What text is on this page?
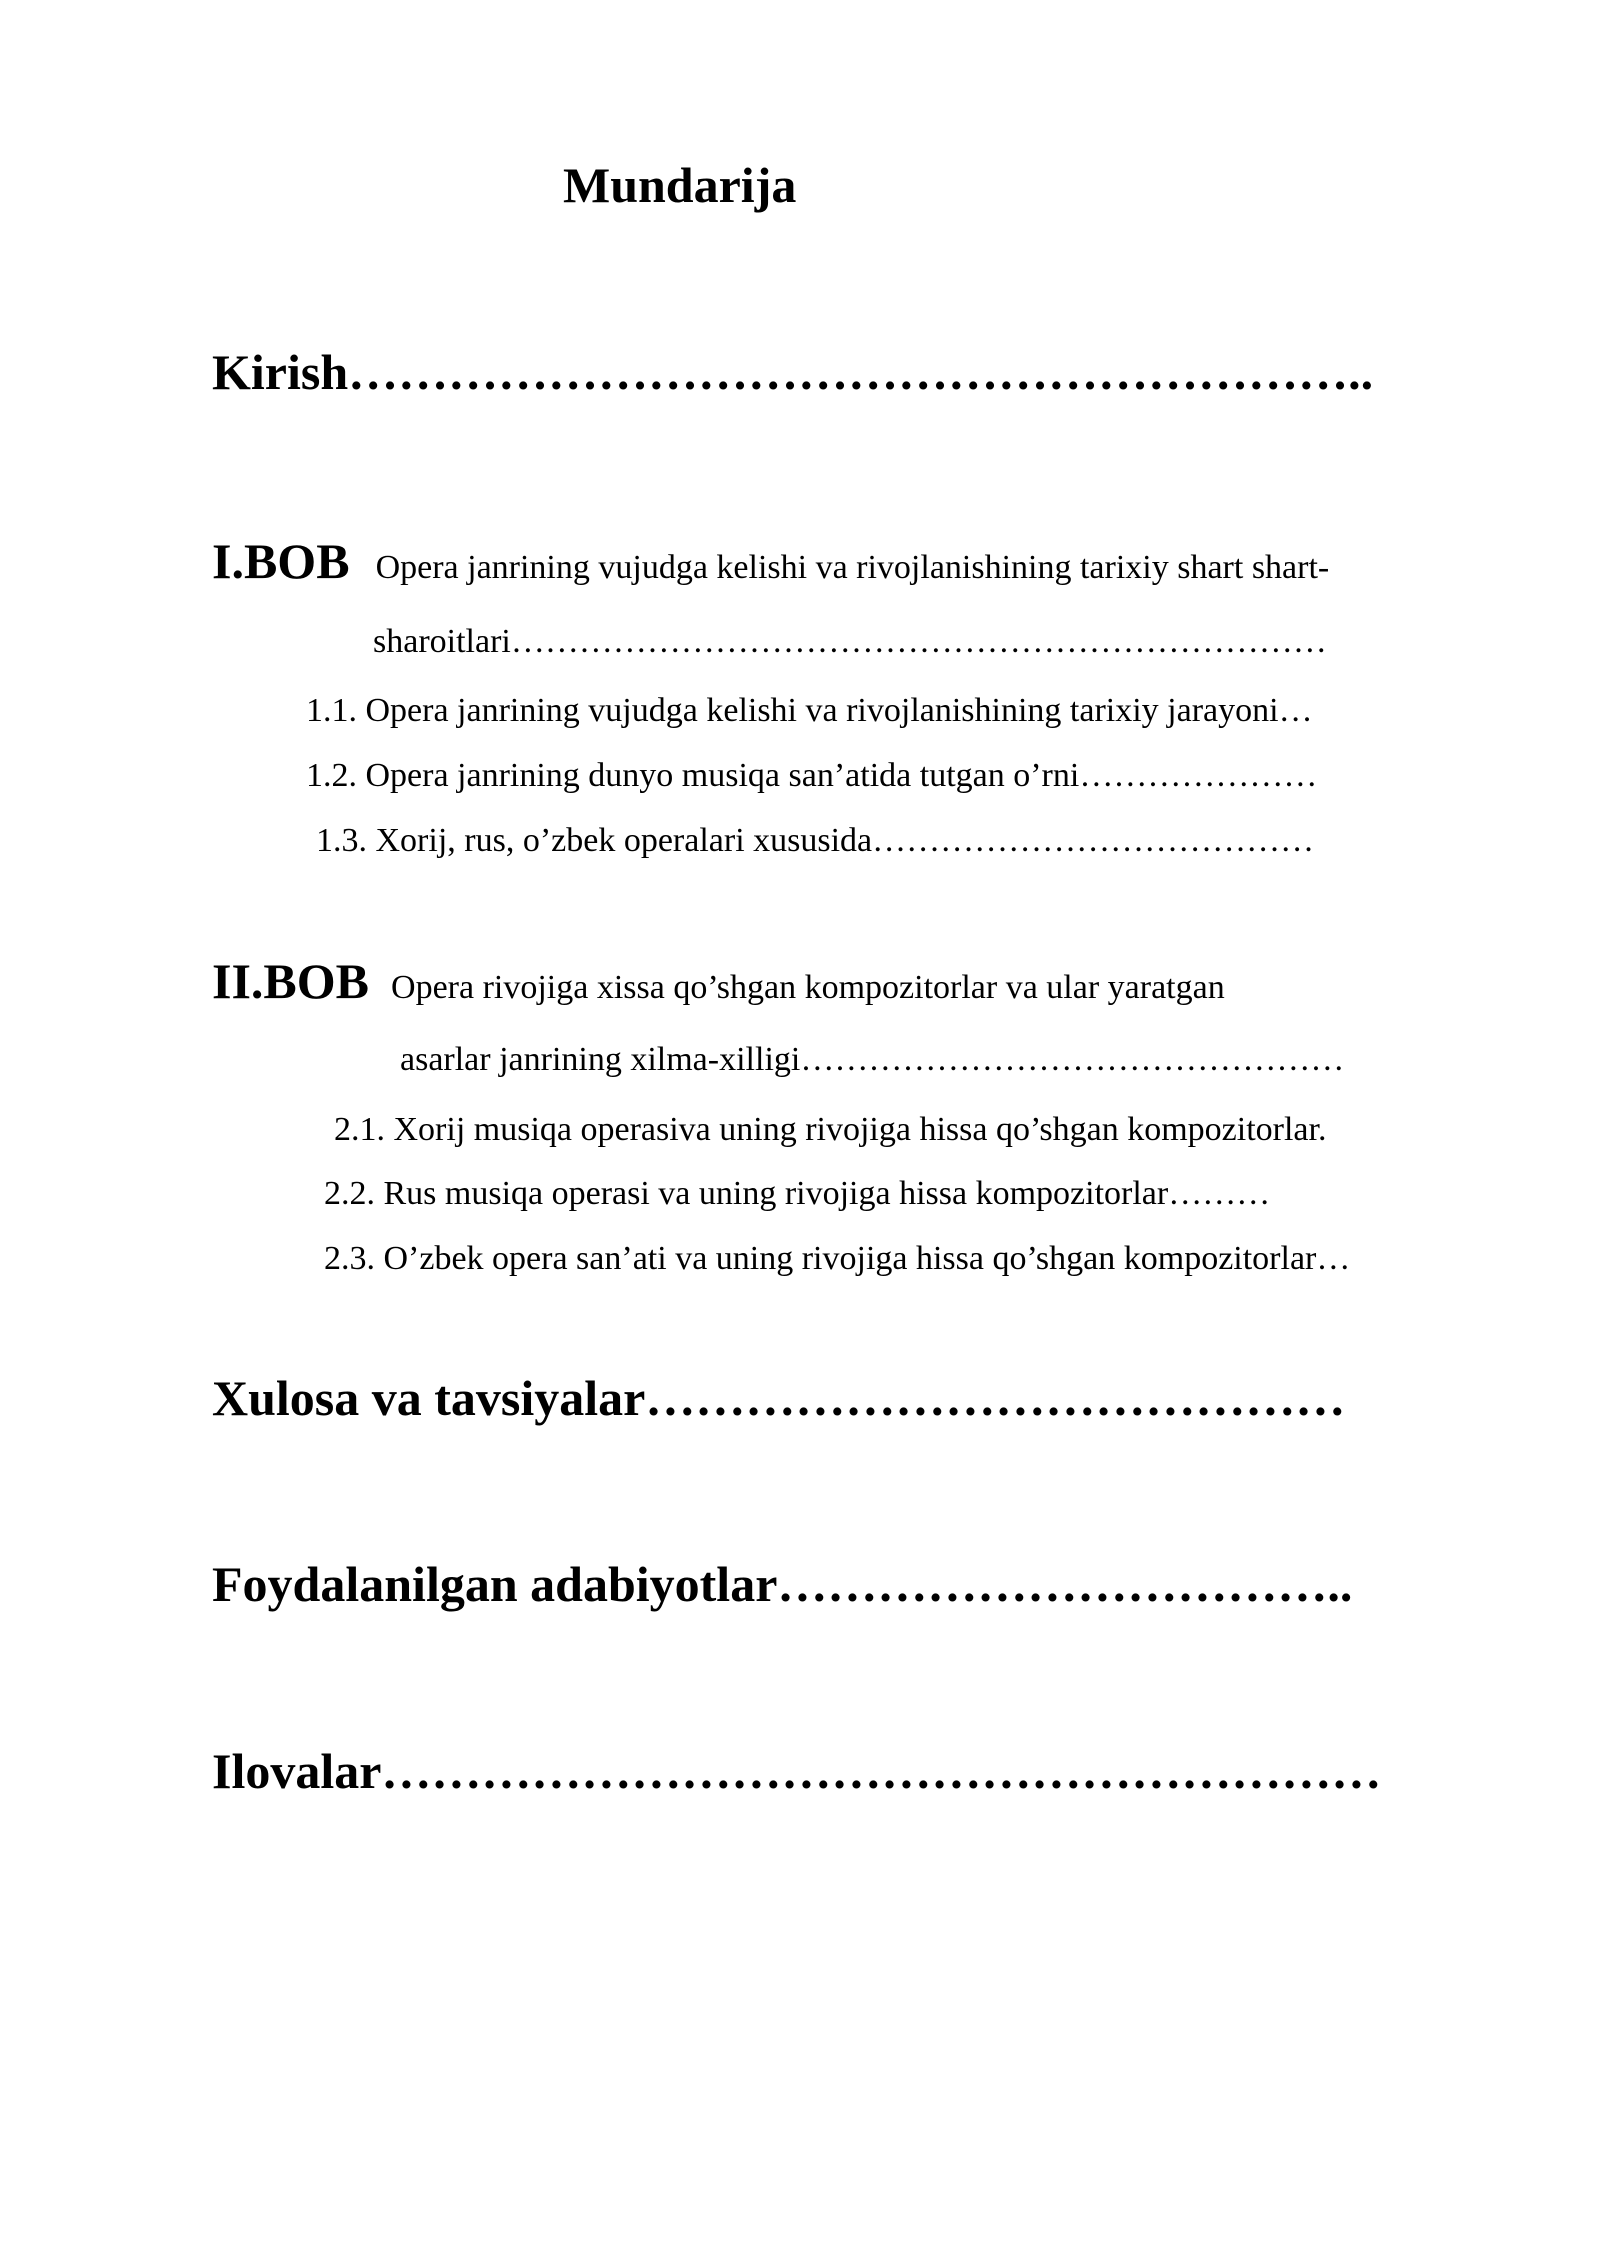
Mundarija
Kirish……………………………………………………..
I.BOB Opera janrining vujudga kelishi va rivojlanishining tarixiy shart shart-
sharoitlari………………………………………………………………
1.1. Opera janrining vujudga kelishi va rivojlanishining tarixiy jarayoni…
1.2. Opera janrining dunyo musiqa san’atida tutgan o’rni…………………
1.3. Xorij, rus, o’zbek operalari xususida…………………………………
II.BOB Opera rivojiga xissa qo’shgan kompozitorlar va ular yaratgan
asarlar janrining xilma-xilligi…………………………………………
2.1. Xorij musiqa operasiva uning rivojiga hissa qo’shgan kompozitorlar.
2.2. Rus musiqa operasi va uning rivojiga hissa kompozitorlar………
2.3. O’zbek opera san’ati va uning rivojiga hissa qo’shgan kompozitorlar…
Xulosa va tavsiyalar……………………………………
Foydalanilgan adabiyotlar……………………………..
Ilovalar……………………………………………………
